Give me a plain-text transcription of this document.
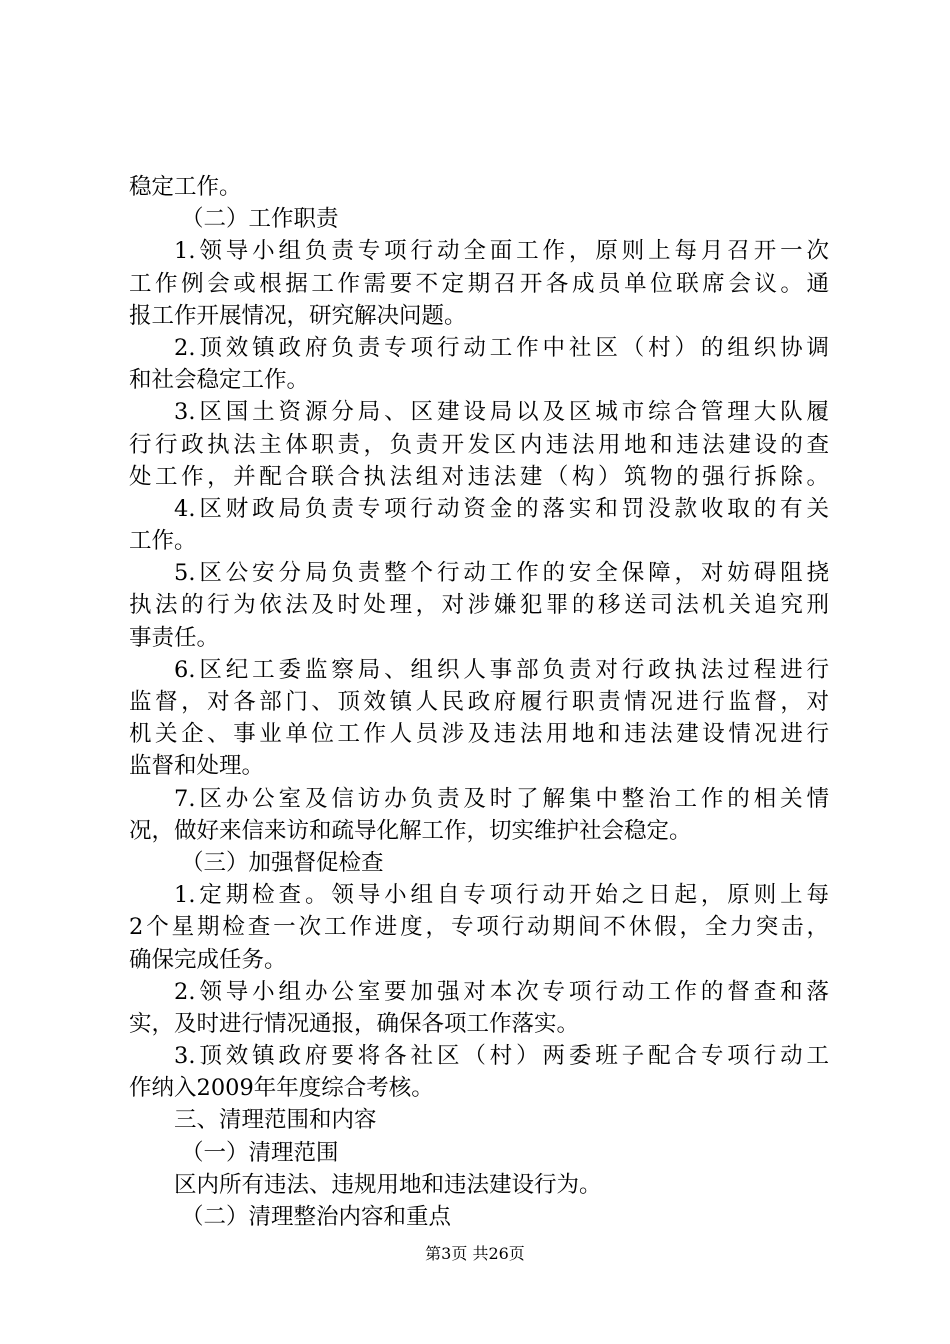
稳定工作。
（二）工作职责
1.领导小组负责专项行动全面工作，原则上每月召开一次
工作例会或根据工作需要不定期召开各成员单位联席会议。通
报工作开展情况，研究解决问题。
2.顶效镇政府负责专项行动工作中社区（村）的组织协调
和社会稳定工作。
3.区国土资源分局、区建设局以及区城市综合管理大队履
行行政执法主体职责，负责开发区内违法用地和违法建设的查
处工作，并配合联合执法组对违法建（构）筑物的强行拆除。
4.区财政局负责专项行动资金的落实和罚没款收取的有关
工作。
5.区公安分局负责整个行动工作的安全保障，对妨碍阻挠
执法的行为依法及时处理，对涉嫌犯罪的移送司法机关追究刑
事责任。
6.区纪工委监察局、组织人事部负责对行政执法过程进行
监督，对各部门、顶效镇人民政府履行职责情况进行监督，对
机关企、事业单位工作人员涉及违法用地和违法建设情况进行
监督和处理。
7.区办公室及信访办负责及时了解集中整治工作的相关情
况，做好来信来访和疏导化解工作，切实维护社会稳定。
（三）加强督促检查
1.定期检查。领导小组自专项行动开始之日起，原则上每
2个星期检查一次工作进度，专项行动期间不休假，全力突击，
确保完成任务。
2.领导小组办公室要加强对本次专项行动工作的督查和落
实，及时进行情况通报，确保各项工作落实。
3.顶效镇政府要将各社区（村）两委班子配合专项行动工
作纳入2009年年度综合考核。
三、清理范围和内容
（一）清理范围
区内所有违法、违规用地和违法建设行为。
（二）清理整治内容和重点
第3页 共26页
